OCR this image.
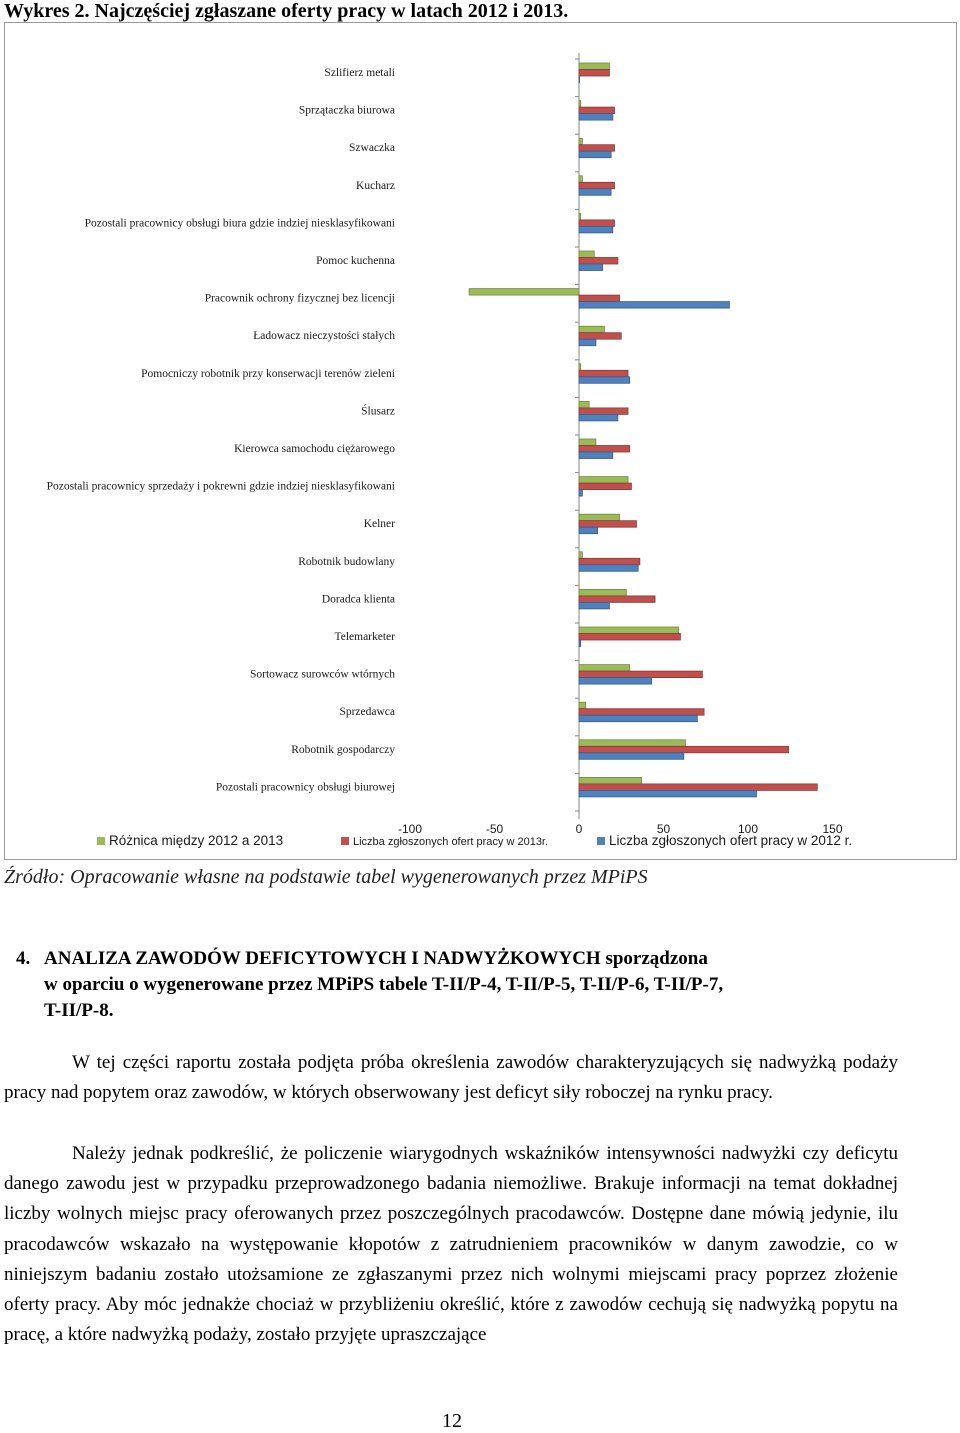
Wykres 2. Najczęściej zgłaszane oferty pracy w latach 2012 i 2013.
Szlifierz metali
Sprzątaczka biurowa
Szwaczka
Kucharz
Pozostali pracownicy obsługi biura gdzie indziej niesklasyfikowani
Pomoc kuchenna
Pracownik ochrony fizycznej bez licencji
Ładowacz nieczystości stałych
Pomocniczy robotnik przy konserwacji terenów zieleni
Ślusarz
Kierowca samochodu ciężarowego
Pozostali pracownicy sprzedaży i pokrewni gdzie indziej niesklasyfikowani
Kelner
Robotnik budowlany
Doradca klienta
Telemarketer
Sortowacz surowców wtórnych
Sprzedawca
Robotnik gospodarczy
Pozostali pracownicy obsługi biurowej
-100	-50	0	50	100	150
Różnica między 2012 a 2013	Liczba zgłoszonych ofert pracy w 2013r.	Liczba zgłoszonych ofert pracy w 2012 r.
Źródło: Opracowanie własne na podstawie tabel wygenerowanych przez MPiPS
4. ANALIZA ZAWODÓW DEFICYTOWYCH I NADWYŻKOWYCH sporządzona
w oparciu o wygenerowane przez MPiPS tabele T-II/P-4, T-II/P-5, T-II/P-6, T-II/P-7,
T-II/P-8.
W tej części raportu została podjęta próba określenia zawodów charakteryzujących się nadwyżką podaży pracy nad popytem oraz zawodów, w których obserwowany jest deficyt siły roboczej na rynku pracy.
Należy jednak podkreślić, że policzenie wiarygodnych wskaźników intensywności nadwyżki czy deficytu danego zawodu jest w przypadku przeprowadzonego badania niemożliwe. Brakuje informacji na temat dokładnej liczby wolnych miejsc pracy oferowanych przez poszczególnych pracodawców. Dostępne dane mówią jedynie, ilu pracodawców wskazało na występowanie kłopotów z zatrudnieniem pracowników w danym zawodzie, co w niniejszym badaniu zostało utożsamione ze zgłaszanymi przez nich wolnymi miejscami pracy poprzez złożenie oferty pracy. Aby móc jednakże chociaż w przybliżeniu określić, które z zawodów cechują się nadwyżką popytu na pracę, a które nadwyżką podaży, zostało przyjęte upraszczające
12
